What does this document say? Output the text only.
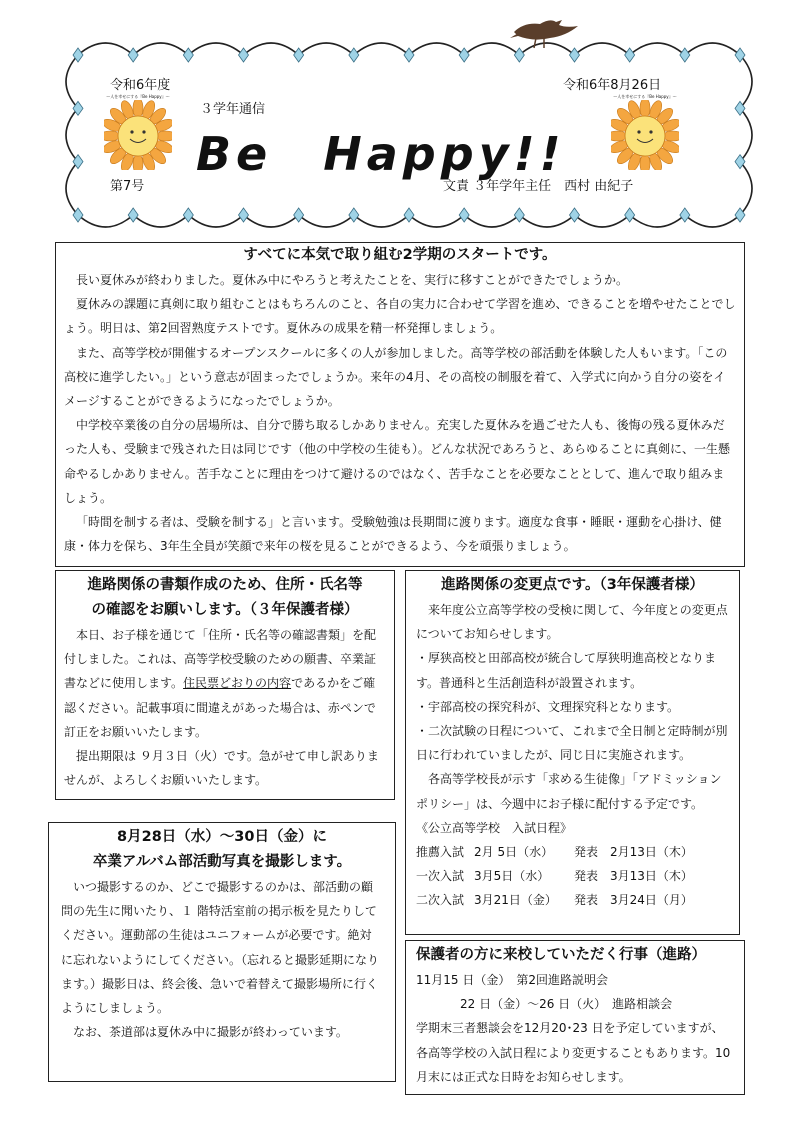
令和6年度	令和6年8月26日
３学年通信
Be　Happy!!
第7号	文責 ３年学年主任　西村 由紀子
～人を幸せにする『Be Happy』～	～人を幸せにする『Be Happy』～
すべてに本気で取り組む2学期のスタートです。

長い夏休みが終わりました。夏休み中にやろうと考えたことを、実行に移すことができたでしょうか。

夏休みの課題に真剣に取り組むことはもちろんのこと、各自の実力に合わせて学習を進め、できることを増やせたことでしょう。明日は、第2回習熟度テストです。夏休みの成果を精一杯発揮しましょう。

また、高等学校が開催するオープンスクールに多くの人が参加しました。高等学校の部活動を体験した人もいます。「この高校に進学したい。」という意志が固まったでしょうか。来年の4月、その高校の制服を着て、入学式に向かう自分の姿をイメージすることができるようになったでしょうか。

中学校卒業後の自分の居場所は、自分で勝ち取るしかありません。充実した夏休みを過ごせた人も、後悔の残る夏休みだった人も、受験まで残された日は同じです（他の中学校の生徒も）。どんな状況であろうと、あらゆることに真剣に、一生懸命やるしかありません。苦手なことに理由をつけて避けるのではなく、苦手なことを必要なこととして、進んで取り組みましょう。

「時間を制する者は、受験を制する」と言います。受験勉強は長期間に渡ります。適度な食事・睡眠・運動を心掛け、健康・体力を保ち、3年生全員が笑顔で来年の桜を見ることができるよう、今を頑張りましょう。

進路関係の書類作成のため、住所・氏名等
の確認をお願いします。（３年保護者様）

本日、お子様を通じて「住所・氏名等の確認書類」を配付しました。これは、高等学校受験のための願書、卒業証書などに使用します。住民票どおりの内容であるかをご確認ください。記載事項に間違えがあった場合は、赤ペンで訂正をお願いいたします。

提出期限は ９月３日（火）です。急がせて申し訳ありませんが、よろしくお願いいたします。

8月28日（水）～30日（金）に
卒業アルバム部活動写真を撮影します。

いつ撮影するのか、どこで撮影するのかは、部活動の顧問の先生に聞いたり、１ 階特活室前の掲示板を見たりしてください。運動部の生徒はユニフォームが必要です。絶対に忘れないようにしてください。（忘れると撮影延期になります。）撮影日は、終会後、急いで着替えて撮影場所に行くようにしましょう。

なお、茶道部は夏休み中に撮影が終わっています。

進路関係の変更点です。（3年保護者様）

来年度公立高等学校の受検に関して、今年度との変更点についてお知らせします。

・厚狭高校と田部高校が統合して厚狭明進高校となります。普通科と生活創造科が設置されます。

・宇部高校の探究科が、文理探究科となります。

・二次試験の日程について、これまで全日制と定時制が別日に行われていましたが、同じ日に実施されます。

各高等学校長が示す「求める生徒像」「アドミッションポリシー」は、今週中にお子様に配付する予定です。

《公立高等学校　入試日程》
推薦入試 2月 5日（水） 発表 2月13日（木）
一次入試 3月5日（水） 発表 3月13日（木）
二次入試 3月21日（金） 発表 3月24日（月）
保護者の方に来校していただく行事（進路）
11月15 日（金）　第2回進路説明会
22 日（金）～26 日（火）　進路相談会

学期末三者懇談会を12月20･23 日を予定していますが、各高等学校の入試日程により変更することもあります。10 月末には正式な日時をお知らせします。
